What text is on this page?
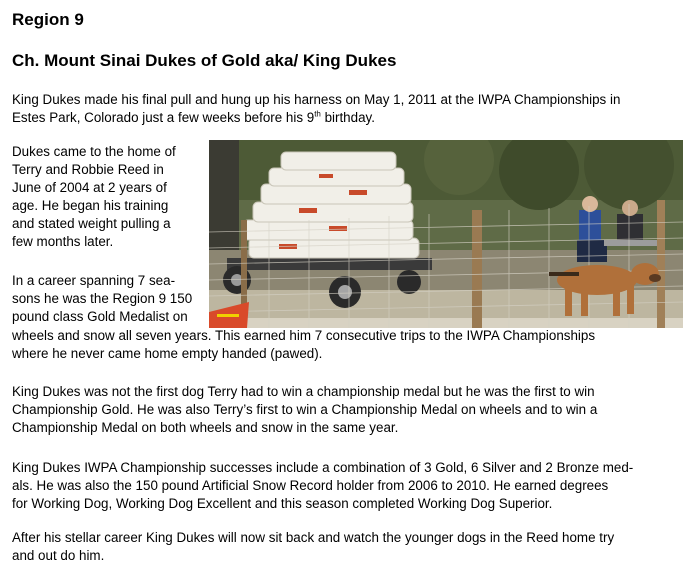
Region 9
Ch. Mount Sinai Dukes of Gold aka/ King Dukes

King Dukes made his final pull and hung up his harness on May 1, 2011 at the IWPA Championships in
Estes Park, Colorado just a few weeks before his 9th birthday.

Dukes came to the home of
Terry and Robbie Reed in
June of 2004 at 2 years of
age. He began his training
and stated weight pulling a
few months later.

In a career spanning 7 sea-
sons he was the Region 9 150
pound class Gold Medalist on

wheels and snow all seven years. This earned him 7 consecutive trips to the IWPA Championships
where he never came home empty handed (pawed).

King Dukes was not the first dog Terry had to win a championship medal but he was the first to win
Championship Gold. He was also Terry’s first to win a Championship Medal on wheels and to win a
Championship Medal on both wheels and snow in the same year.

King Dukes IWPA Championship successes include a combination of 3 Gold, 6 Silver and 2 Bronze med-
als. He was also the 150 pound Artificial Snow Record holder from 2006 to 2010. He earned degrees
for Working Dog, Working Dog Excellent and this season completed Working Dog Superior.

After his stellar career King Dukes will now sit back and watch the younger dogs in the Reed home try
and out do him.
